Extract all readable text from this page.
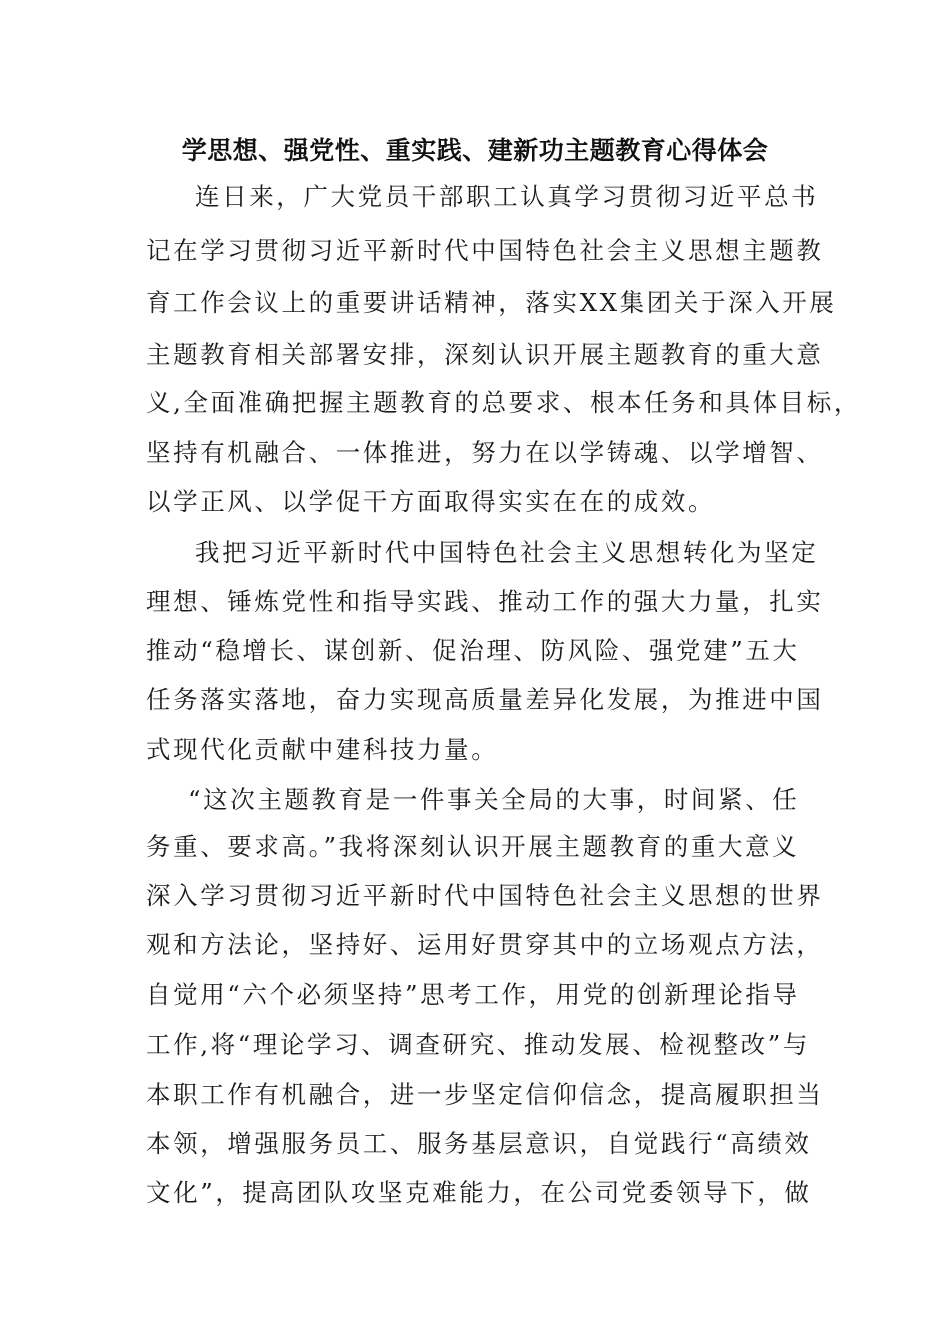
学思想、强党性、重实践、建新功主题教育心得体会
连日来，广大党员干部职工认真学习贯彻习近平总书
记在学习贯彻习近平新时代中国特色社会主义思想主题教
育工作会议上的重要讲话精神，落实XX集团关于深入开展
主题教育相关部署安排，深刻认识开展主题教育的重大意
义,全面准确把握主题教育的总要求、根本任务和具体目标，
坚持有机融合、一体推进，努力在以学铸魂、以学增智、
以学正风、以学促干方面取得实实在在的成效。
我把习近平新时代中国特色社会主义思想转化为坚定
理想、锤炼党性和指导实践、推动工作的强大力量，扎实
推动“稳增长、谋创新、促治理、防风险、强党建”五大
任务落实落地，奋力实现高质量差异化发展，为推进中国
式现代化贡献中建科技力量。
“这次主题教育是一件事关全局的大事，时间紧、任
务重、要求高。”我将深刻认识开展主题教育的重大意义
深入学习贯彻习近平新时代中国特色社会主义思想的世界
观和方法论，坚持好、运用好贯穿其中的立场观点方法，
自觉用“六个必须坚持”思考工作，用党的创新理论指导
工作,将“理论学习、调查研究、推动发展、检视整改”与
本职工作有机融合，进一步坚定信仰信念，提高履职担当
本领，增强服务员工、服务基层意识，自觉践行“高绩效
文化”，提高团队攻坚克难能力，在公司党委领导下，做
